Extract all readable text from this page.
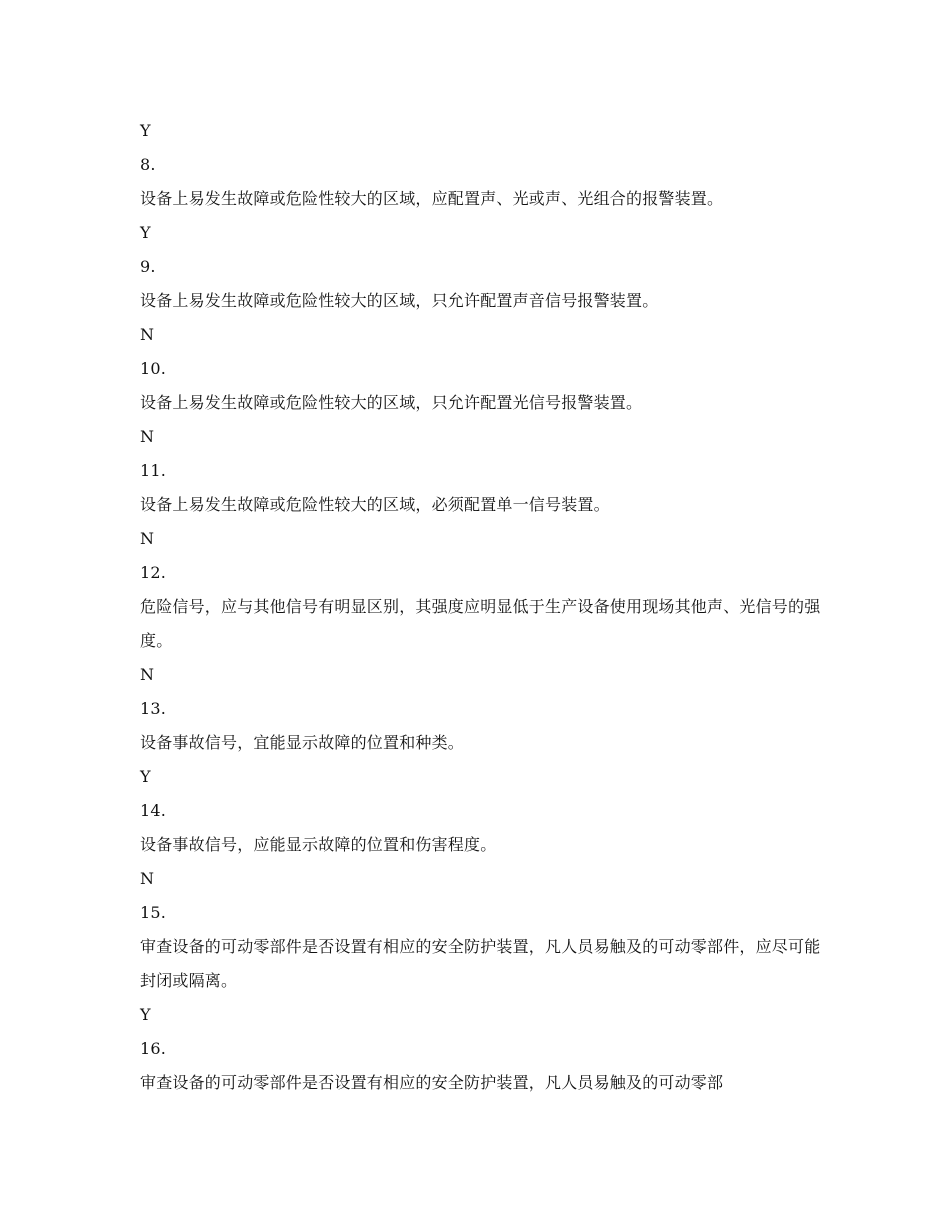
Y
8.
设备上易发生故障或危险性较大的区域，应配置声、光或声、光组合的报警装置。
Y
9.
设备上易发生故障或危险性较大的区域，只允许配置声音信号报警装置。
N
10.
设备上易发生故障或危险性较大的区域，只允许配置光信号报警装置。
N
11.
设备上易发生故障或危险性较大的区域，必须配置单一信号装置。
N
12.
危险信号，应与其他信号有明显区别，其强度应明显低于生产设备使用现场其他声、光信号的强度。
N
13.
设备事故信号，宜能显示故障的位置和种类。
Y
14.
设备事故信号，应能显示故障的位置和伤害程度。
N
15.
审查设备的可动零部件是否设置有相应的安全防护装置，凡人员易触及的可动零部件，应尽可能封闭或隔离。
Y
16.
审查设备的可动零部件是否设置有相应的安全防护装置，凡人员易触及的可动零部
